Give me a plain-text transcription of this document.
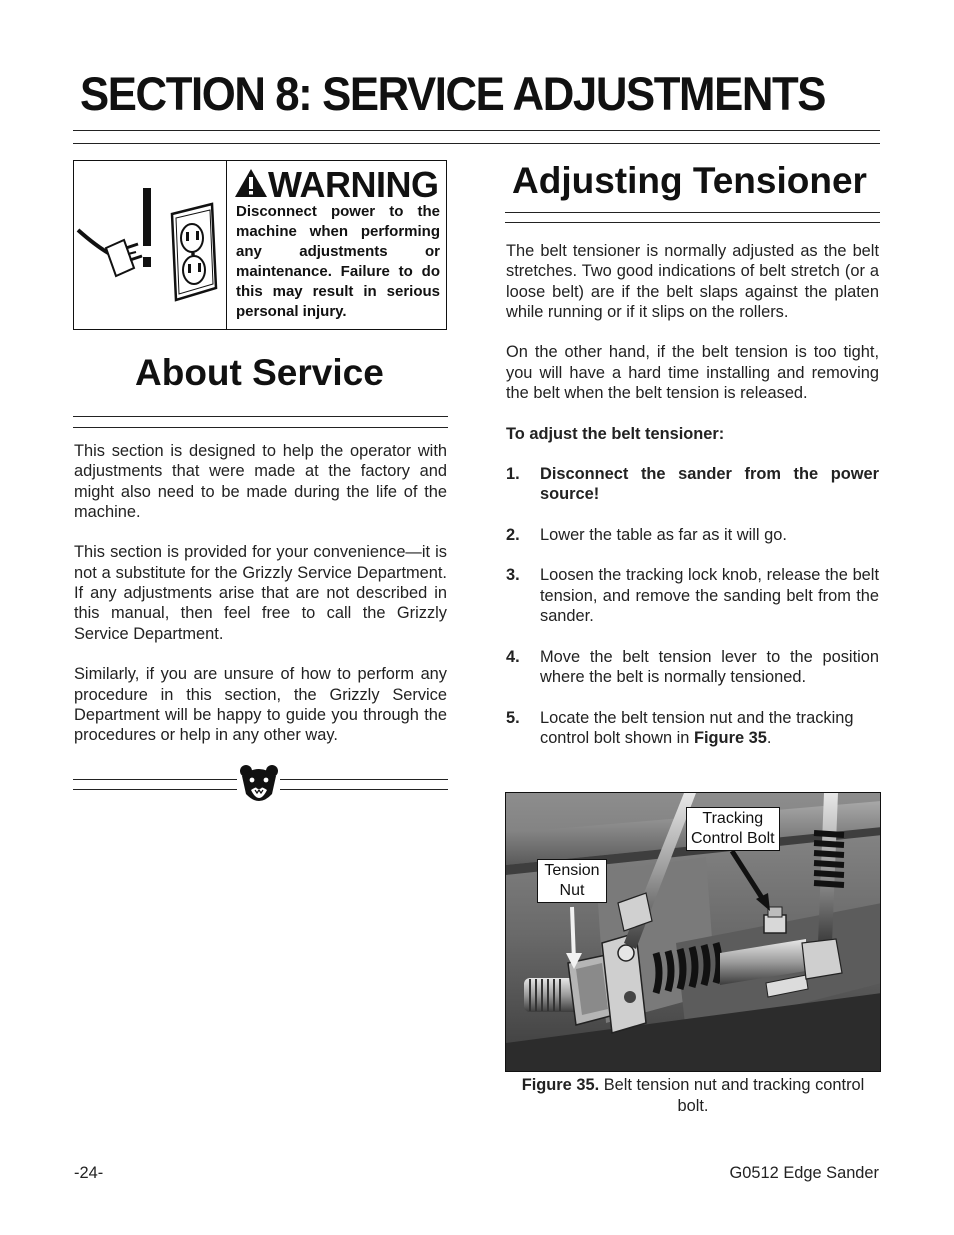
SECTION 8: SERVICE ADJUSTMENTS
WARNING
Disconnect power to the machine when performing any adjustments or maintenance. Failure to do this may result in serious personal injury.
About Service

This section is designed to help the operator with adjustments that were made at the factory and might also need to be made during the life of the machine.

This section is provided for your convenience—it is not a substitute for the Grizzly Service Department. If any adjustments arise that are not described in this manual, then feel free to call the Grizzly Service Department.

Similarly, if you are unsure of how to perform any procedure in this section, the Grizzly Service Department will be happy to guide you through the procedures or help in any other way.

Adjusting Tensioner

The belt tensioner is normally adjusted as the belt stretches. Two good indications of belt stretch (or a loose belt) are if the belt slaps against the platen while running or if it slips on the rollers.

On the other hand, if the belt tension is too tight, you will have a hard time installing and removing the belt when the belt tension is released.

To adjust the belt tensioner:

1. Disconnect the sander from the power source!
2. Lower the table as far as it will go.
3. Loosen the tracking lock knob, release the belt tension, and remove the sanding belt from the sander.
4. Move the belt tension lever to the position where the belt is normally tensioned.
5. Locate the belt tension nut and the tracking control bolt shown in Figure 35.
Tracking
Control Bolt
Tension
Nut
Figure 35. Belt tension nut and tracking control bolt.
-24-	G0512 Edge Sander
